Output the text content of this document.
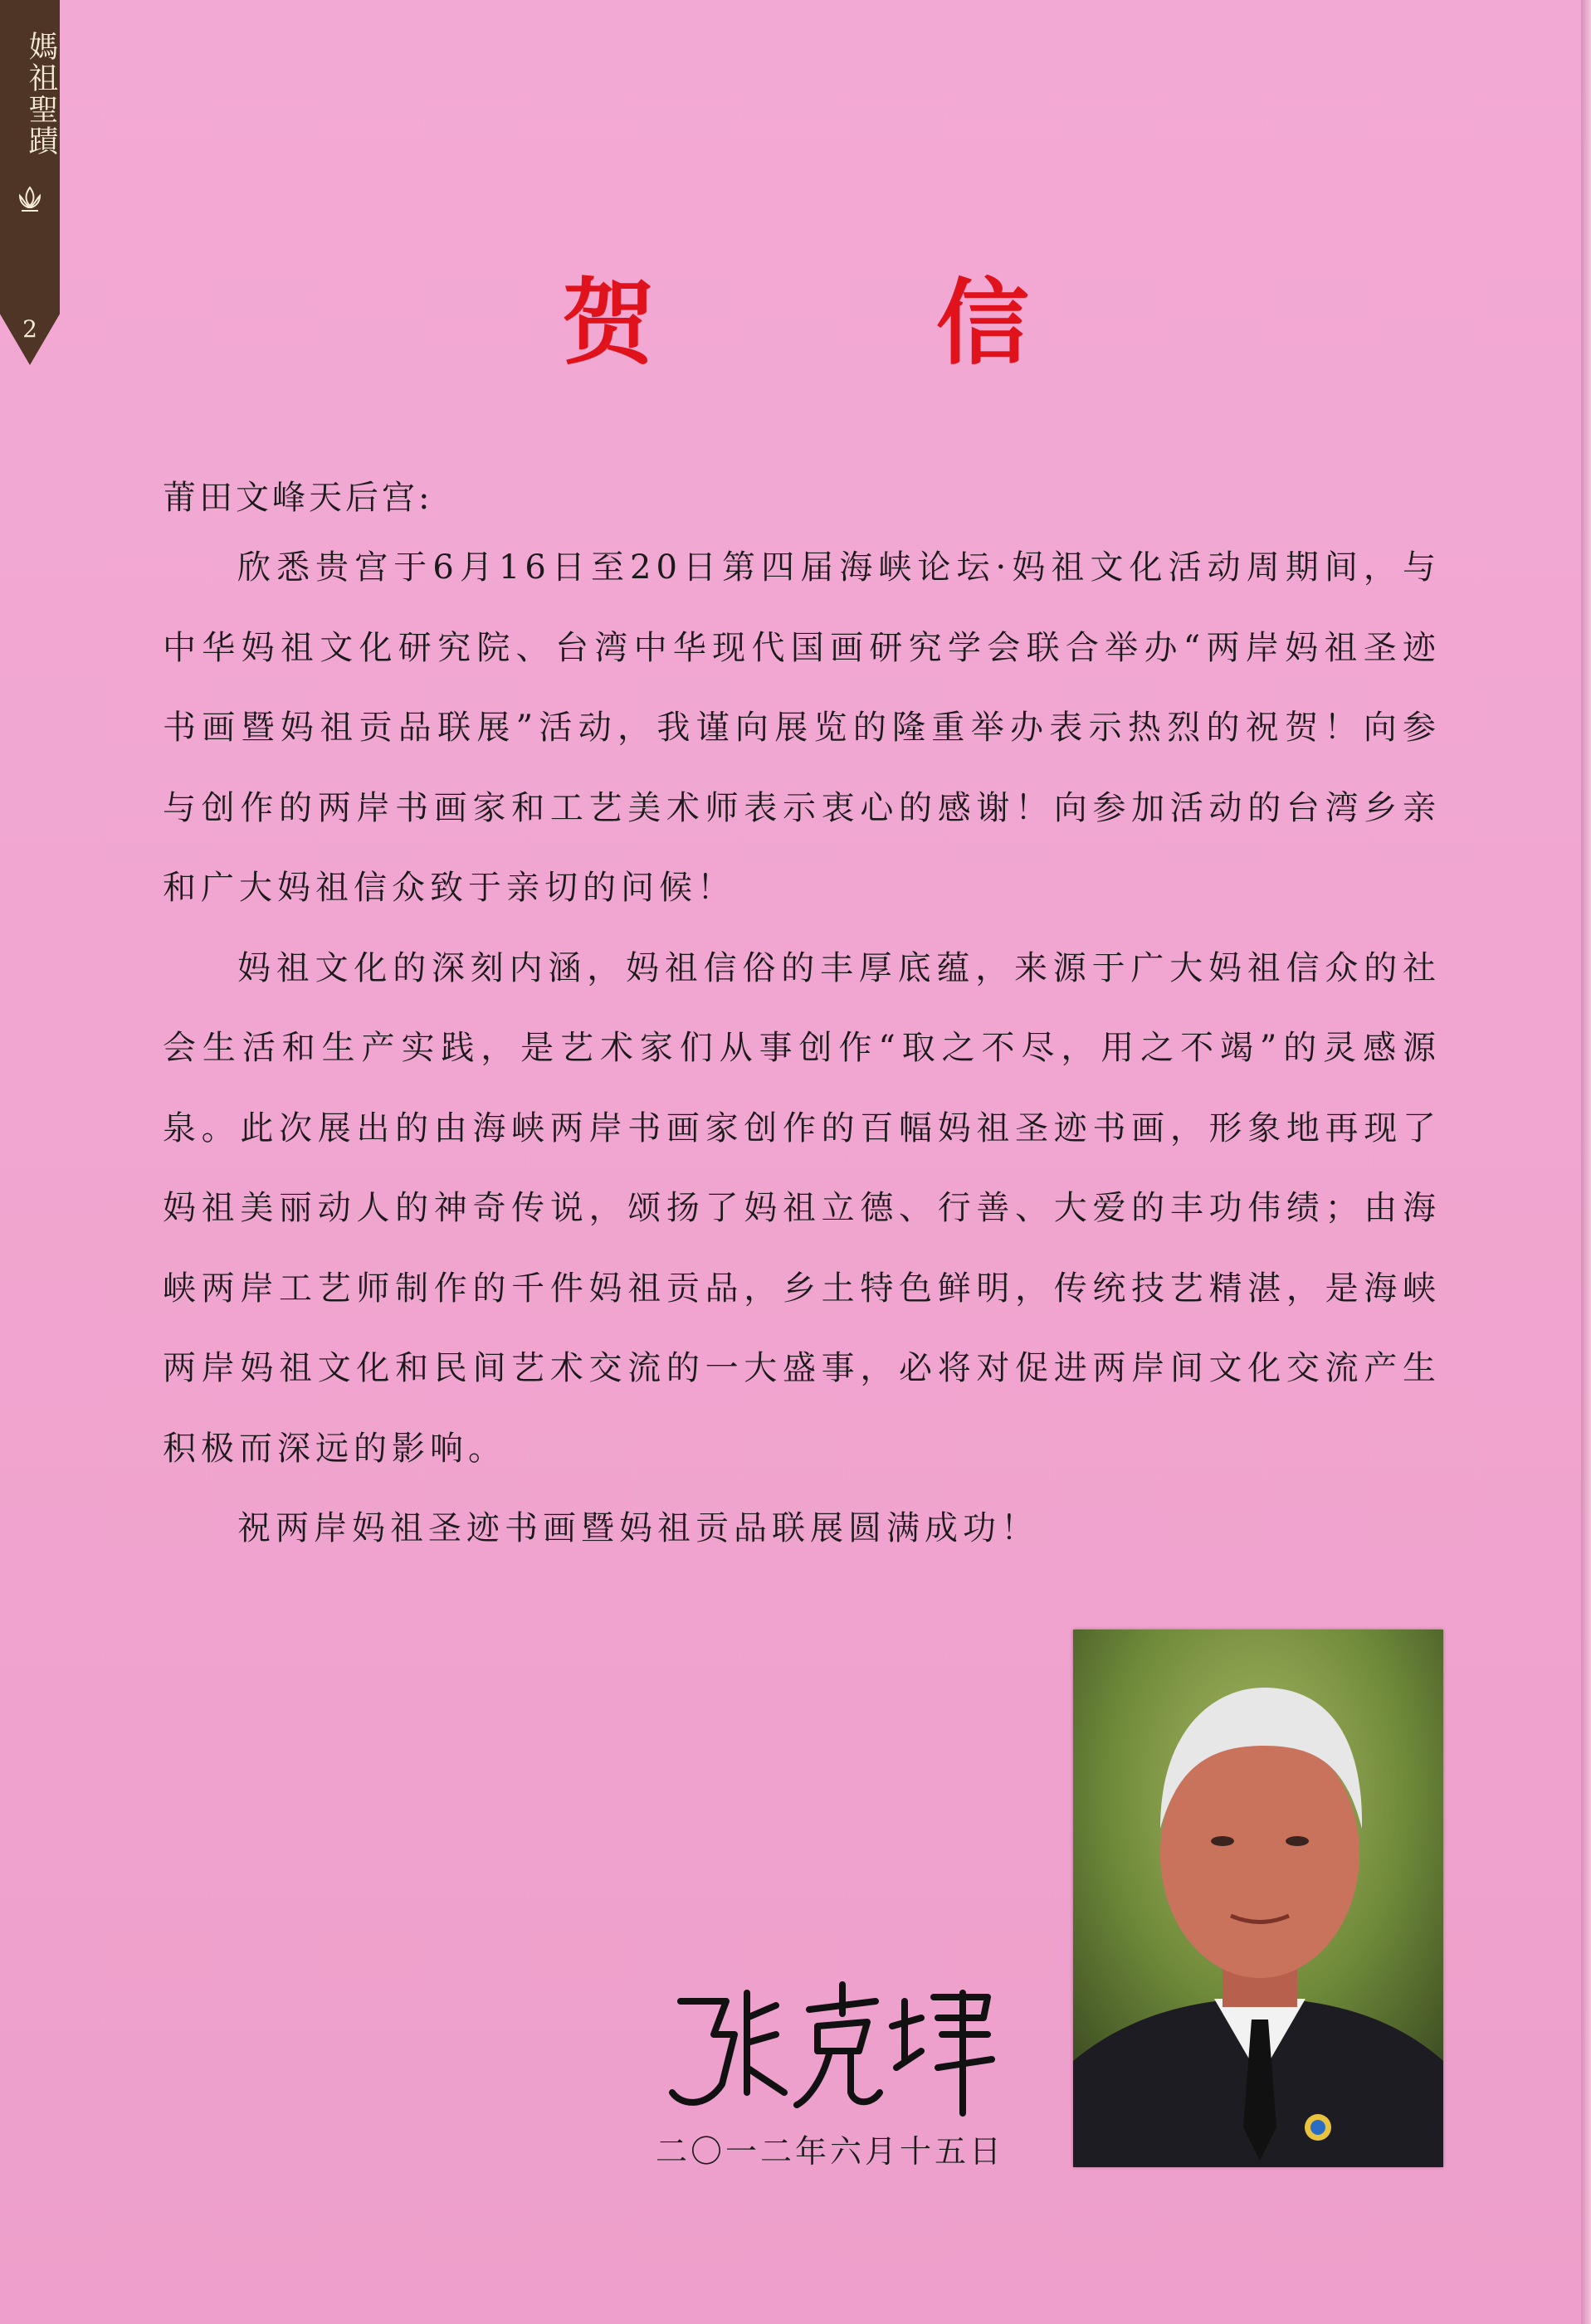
媽祖聖蹟
2	贺 信
莆田文峰天后宫:

欣悉贵宫于6月16日至20日第四届海峡论坛·妈祖文化活动周期间，与中华妈祖文化研究院、台湾中华现代国画研究学会联合举办“两岸妈祖圣迹书画暨妈祖贡品联展”活动，我谨向展览的隆重举办表示热烈的祝贺！向参与创作的两岸书画家和工艺美术师表示衷心的感谢！向参加活动的台湾乡亲和广大妈祖信众致于亲切的问候！

妈祖文化的深刻内涵，妈祖信俗的丰厚底蕴，来源于广大妈祖信众的社会生活和生产实践，是艺术家们从事创作“取之不尽，用之不竭”的灵感源泉。此次展出的由海峡两岸书画家创作的百幅妈祖圣迹书画，形象地再现了妈祖美丽动人的神奇传说，颂扬了妈祖立德、行善、大爱的丰功伟绩；由海峡两岸工艺师制作的千件妈祖贡品，乡土特色鲜明，传统技艺精湛，是海峡两岸妈祖文化和民间艺术交流的一大盛事，必将对促进两岸间文化交流产生积极而深远的影响。

祝两岸妈祖圣迹书画暨妈祖贡品联展圆满成功！

二〇一二年六月十五日
